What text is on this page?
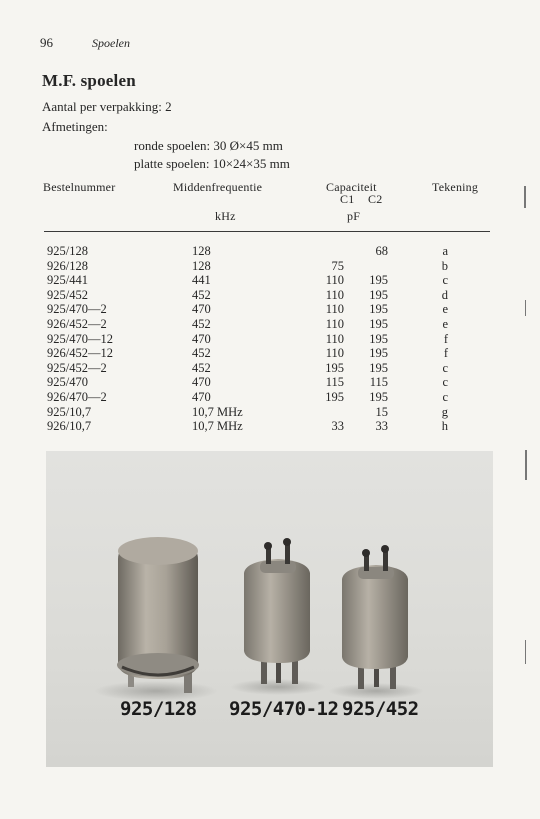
96	Spoelen
M.F. spoelen
Aantal per verpakking: 2
Afmetingen:
ronde spoelen: 30 Ø×45 mm
platte spoelen: 10×24×35 mm
Bestelnummer	Middenfrequentie	Capaciteit
C1 C2
Tekening
kHz	pF
925/128	128		68	a
926/128	128	75		b
925/441	441	110	195	c
925/452	452	110	195	d
925/470—2	470	110	195	e
926/452—2	452	110	195	e
925/470—12	470	110	195	f
926/452—12	452	110	195	f
925/452—2	452	195	195	c
925/470	470	115	115	c
926/470—2	470	195	195	c
925/10,7	10,7 MHz		15	g
926/10,7	10,7 MHz	33	33	h
925/128 925/470-12 925/452
